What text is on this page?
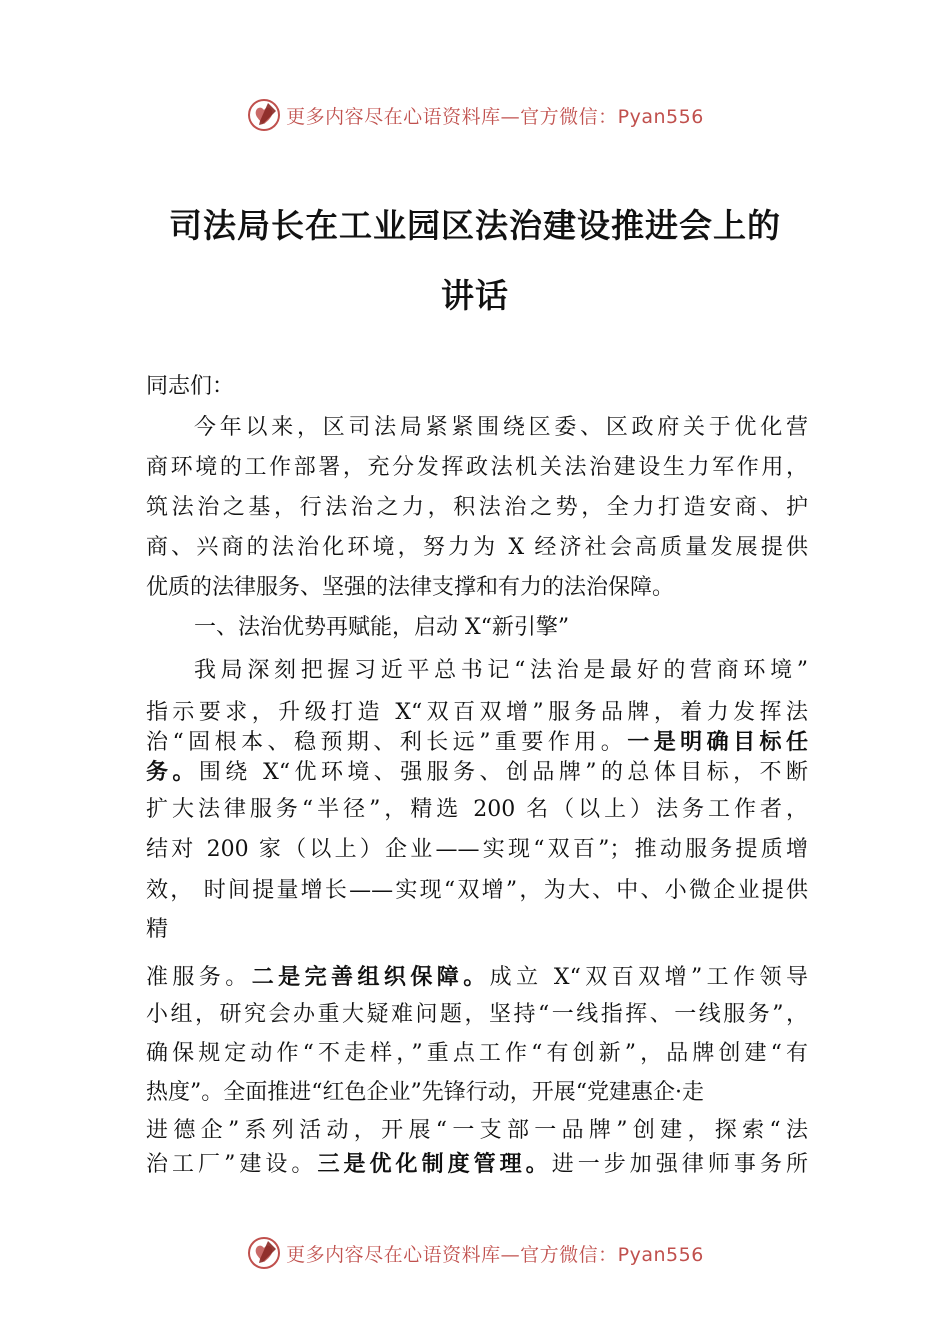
更多内容尽在心语资料库—官方微信：Pyan556
司法局长在工业园区法治建设推进会上的
讲话
同志们：
今年以来，区司法局紧紧围绕区委、区政府关于优化营
商环境的工作部署，充分发挥政法机关法治建设生力军作用，
筑法治之基，行法治之力，积法治之势，全力打造安商、护
商、兴商的法治化环境，努力为 X 经济社会高质量发展提供
优质的法律服务、坚强的法律支撑和有力的法治保障。
一、法治优势再赋能，启动 X“新引擎”
我局深刻把握习近平总书记“法治是最好的营商环境”
指示要求，升级打造 X“双百双增”服务品牌，着力发挥法
治“固根本、稳预期、利长远”重要作用。一是明确目标任
务。围绕 X“优环境、强服务、创品牌”的总体目标，不断
扩大法律服务“半径”，精选 200 名（以上）法务工作者，
结对 200 家（以上）企业——实现“双百”；推动服务提质增
效， 时间提量增长——实现“双增”，为大、中、小微企业提供
精
准服务。二是完善组织保障。成立 X“双百双增”工作领导
小组，研究会办重大疑难问题，坚持“一线指挥、一线服务”，
确保规定动作“不走样，”重点工作“有创新”，品牌创建“有
热度”。全面推进“红色企业”先锋行动，开展“党建惠企·走
进德企”系列活动，开展“一支部一品牌”创建，探索“法
治工厂”建设。三是优化制度管理。进一步加强律师事务所
更多内容尽在心语资料库—官方微信：Pyan556
